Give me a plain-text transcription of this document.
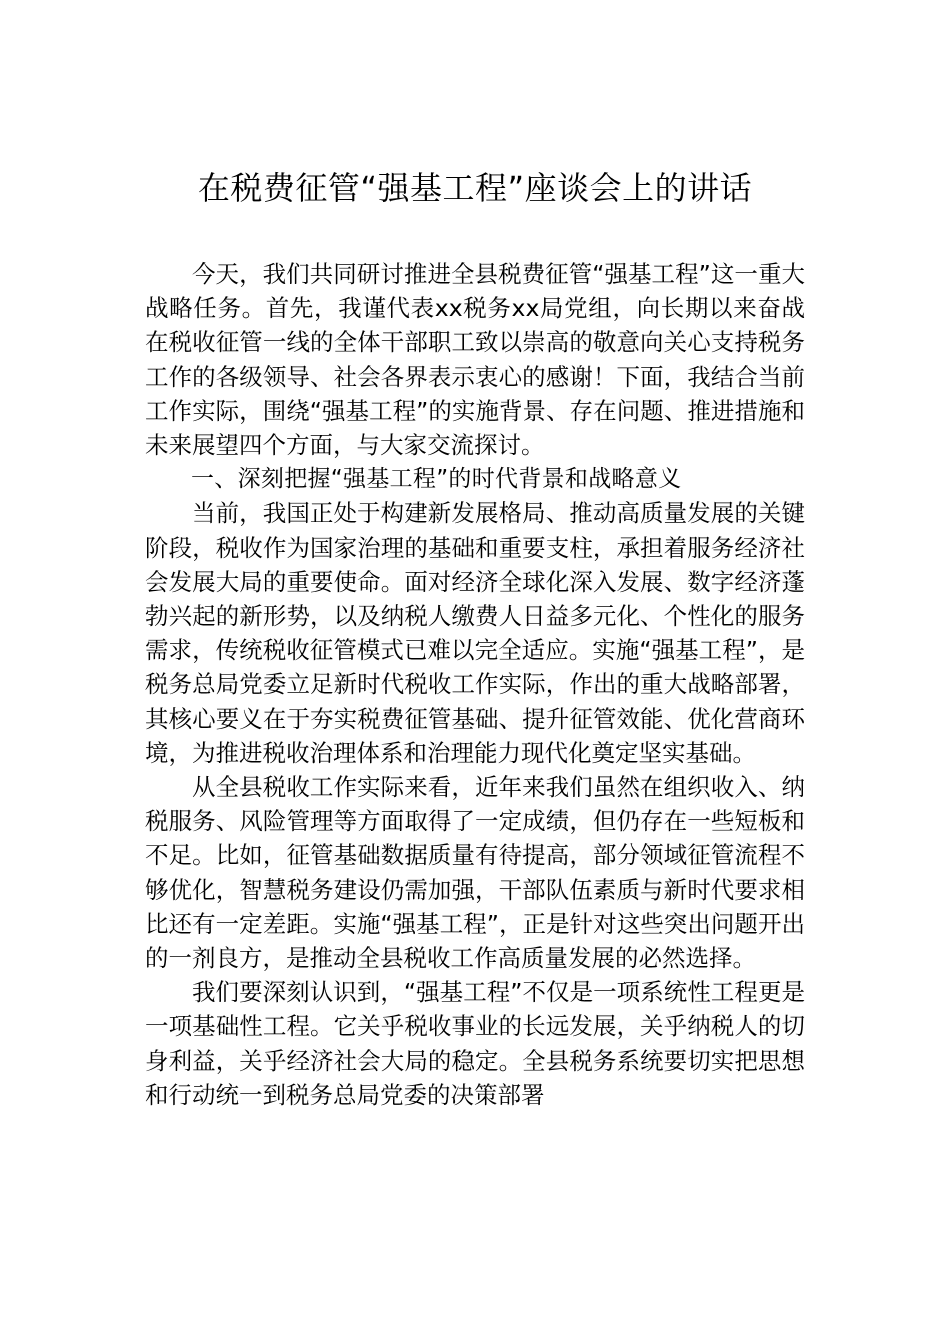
在税费征管“强基工程”座谈会上的讲话

今天，我们共同研讨推进全县税费征管“强基工程”这一重大战略任务。首先，我谨代表xx税务xx局党组，向长期以来奋战在税收征管一线的全体干部职工致以崇高的敬意向关心支持税务工作的各级领导、社会各界表示衷心的感谢！下面，我结合当前工作实际，围绕“强基工程”的实施背景、存在问题、推进措施和未来展望四个方面，与大家交流探讨。

一、深刻把握“强基工程”的时代背景和战略意义

当前，我国正处于构建新发展格局、推动高质量发展的关键阶段，税收作为国家治理的基础和重要支柱，承担着服务经济社会发展大局的重要使命。面对经济全球化深入发展、数字经济蓬勃兴起的新形势，以及纳税人缴费人日益多元化、个性化的服务需求，传统税收征管模式已难以完全适应。实施“强基工程”，是税务总局党委立足新时代税收工作实际，作出的重大战略部署，其核心要义在于夯实税费征管基础、提升征管效能、优化营商环境，为推进税收治理体系和治理能力现代化奠定坚实基础。

从全县税收工作实际来看，近年来我们虽然在组织收入、纳税服务、风险管理等方面取得了一定成绩，但仍存在一些短板和不足。比如，征管基础数据质量有待提高，部分领域征管流程不够优化，智慧税务建设仍需加强，干部队伍素质与新时代要求相比还有一定差距。实施“强基工程”，正是针对这些突出问题开出的一剂良方，是推动全县税收工作高质量发展的必然选择。

我们要深刻认识到，“强基工程”不仅是一项系统性工程更是一项基础性工程。它关乎税收事业的长远发展，关乎纳税人的切身利益，关乎经济社会大局的稳定。全县税务系统要切实把思想和行动统一到税务总局党委的决策部署
